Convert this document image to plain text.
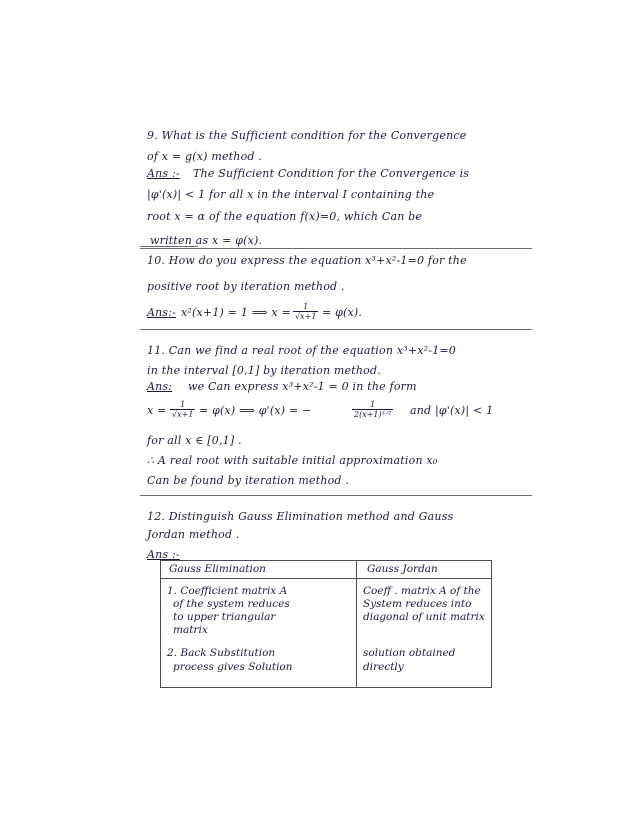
9. What is the Sufficient condition for the Convergence
of x = g(x) method .
Ans :- The Sufficient Condition for the Convergence is
|φ'(x)| < 1 for all x in the interval I containing the
root x = α of the equation f(x)=0, which Can be
written as x = φ(x).
10. How do you express the equation x³+x²-1=0 for the
positive root by iteration method .
Ans:- x²(x+1) = 1 ⟹ $x = \frac{1}{√x+1} = \varphi(x)$.
11. Can we find a real root of the equation x³+x²-1=0
in the interval [0,1] by iteration method.
Ans: we Can express x³+x²-1 = 0 in the form
$x = \frac{1}{√x+1} = \varphi(x)$ ⟹ φ'(x) = −	1
2(x+1)³ᐟ² and |φ'(x)| < 1
for all x ∈ [0,1] .
∴ A real root with suitable initial approximation x₀
Can be found by iteration method .
12. Distinguish Gauss Elimination method and Gauss
Jordan method .
Ans :-
Gauss Elimination	Gauss Jordan
1. Coefficient matrix A
of the system reduces
to upper triangular
matrix
Coeff . matrix A of the
System reduces into
diagonal of unit matrix
2. Back Substitution
process gives Solution
solution obtained
directly
